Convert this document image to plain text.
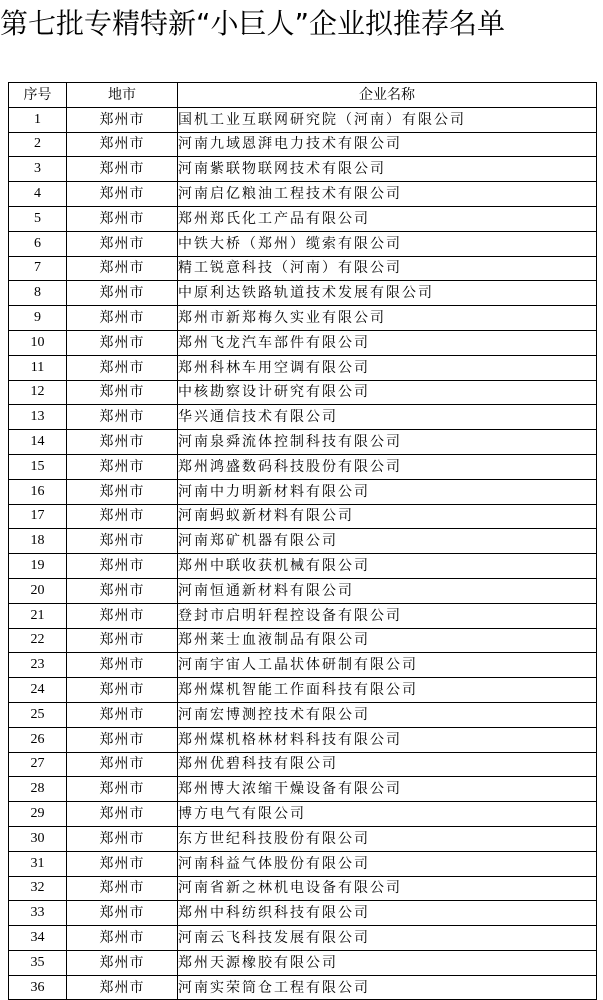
第七批专精特新“小巨人”企业拟推荐名单
序号	地市	企业名称
1	郑州市	国机工业互联网研究院（河南）有限公司
2	郑州市	河南九域恩湃电力技术有限公司
3	郑州市	河南紫联物联网技术有限公司
4	郑州市	河南启亿粮油工程技术有限公司
5	郑州市	郑州郑氏化工产品有限公司
6	郑州市	中铁大桥（郑州）缆索有限公司
7	郑州市	精工锐意科技（河南）有限公司
8	郑州市	中原利达铁路轨道技术发展有限公司
9	郑州市	郑州市新郑梅久实业有限公司
10	郑州市	郑州飞龙汽车部件有限公司
11	郑州市	郑州科林车用空调有限公司
12	郑州市	中核勘察设计研究有限公司
13	郑州市	华兴通信技术有限公司
14	郑州市	河南泉舜流体控制科技有限公司
15	郑州市	郑州鸿盛数码科技股份有限公司
16	郑州市	河南中力明新材料有限公司
17	郑州市	河南蚂蚁新材料有限公司
18	郑州市	河南郑矿机器有限公司
19	郑州市	郑州中联收获机械有限公司
20	郑州市	河南恒通新材料有限公司
21	郑州市	登封市启明轩程控设备有限公司
22	郑州市	郑州莱士血液制品有限公司
23	郑州市	河南宇宙人工晶状体研制有限公司
24	郑州市	郑州煤机智能工作面科技有限公司
25	郑州市	河南宏博测控技术有限公司
26	郑州市	郑州煤机格林材料科技有限公司
27	郑州市	郑州优碧科技有限公司
28	郑州市	郑州博大浓缩干燥设备有限公司
29	郑州市	博方电气有限公司
30	郑州市	东方世纪科技股份有限公司
31	郑州市	河南科益气体股份有限公司
32	郑州市	河南省新之林机电设备有限公司
33	郑州市	郑州中科纺织科技有限公司
34	郑州市	河南云飞科技发展有限公司
35	郑州市	郑州天源橡胶有限公司
36	郑州市	河南实荣筒仓工程有限公司
